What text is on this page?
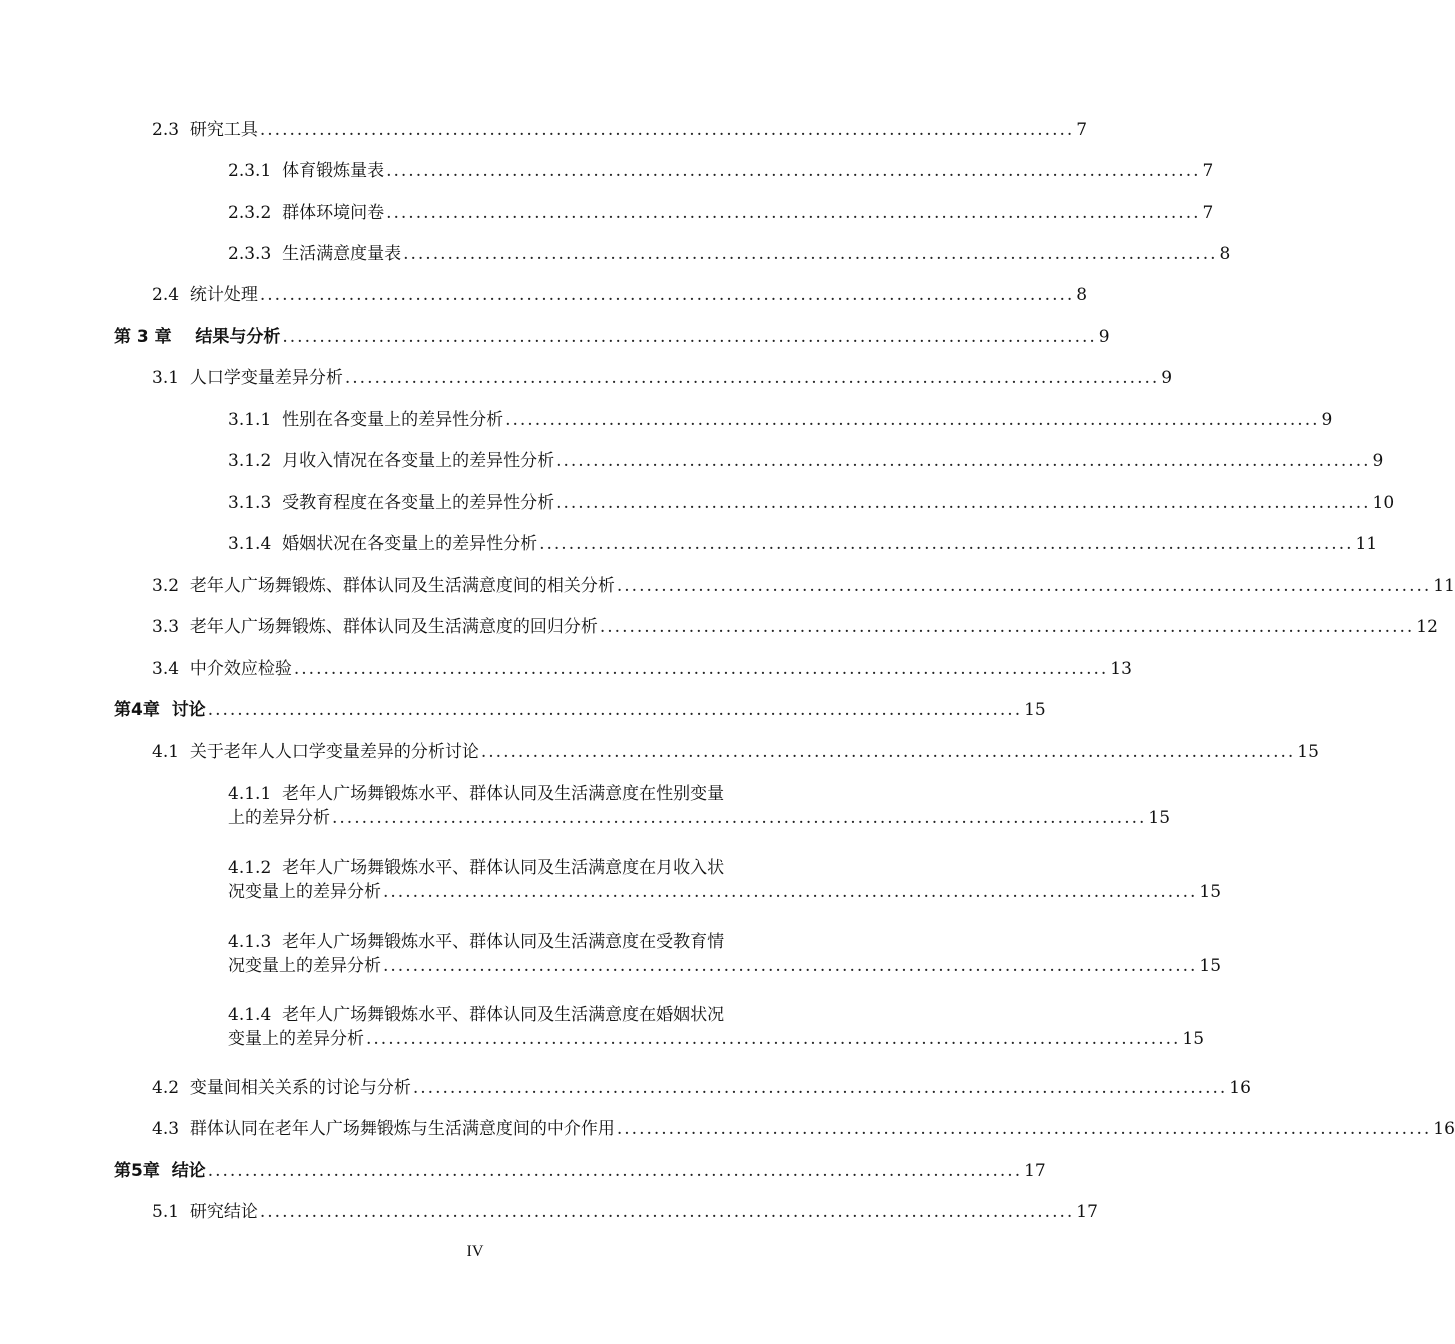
2.3
研究工具 .............................................................................................................. 7
2.3.1
体育锻炼量表 .............................................................................................................. 7
2.3.2
群体环境问卷 .............................................................................................................. 7
2.3.3
生活满意度量表 .............................................................................................................. 8
2.4
统计处理 .............................................................................................................. 8
第 3 章
结果与分析 .............................................................................................................. 9
3.1
人口学变量差异分析 .............................................................................................................. 9
3.1.1
性别在各变量上的差异性分析 .............................................................................................................. 9
3.1.2
月收入情况在各变量上的差异性分析 .............................................................................................................. 9
3.1.3
受教育程度在各变量上的差异性分析 .............................................................................................................. 10
3.1.4
婚姻状况在各变量上的差异性分析 .............................................................................................................. 11
3.2
老年人广场舞锻炼、群体认同及生活满意度间的相关分析 .............................................................................................................. 11
3.3
老年人广场舞锻炼、群体认同及生活满意度的回归分析 .............................................................................................................. 12
3.4
中介效应检验 .............................................................................................................. 13
第4章
讨论 .............................................................................................................. 15
4.1
关于老年人人口学变量差异的分析讨论 .............................................................................................................. 15
4.1.1 老年人广场舞锻炼水平、群体认同及生活满意度在性别变量
上的差异分析 .............................................................................................................. 15
4.1.2 老年人广场舞锻炼水平、群体认同及生活满意度在月收入状
况变量上的差异分析 .............................................................................................................. 15
4.1.3 老年人广场舞锻炼水平、群体认同及生活满意度在受教育情
况变量上的差异分析 .............................................................................................................. 15
4.1.4 老年人广场舞锻炼水平、群体认同及生活满意度在婚姻状况
变量上的差异分析 .............................................................................................................. 15
4.2
变量间相关关系的讨论与分析 .............................................................................................................. 16
4.3
群体认同在老年人广场舞锻炼与生活满意度间的中介作用 .............................................................................................................. 16
第5章
结论 .............................................................................................................. 17
5.1
研究结论 .............................................................................................................. 17
IV
